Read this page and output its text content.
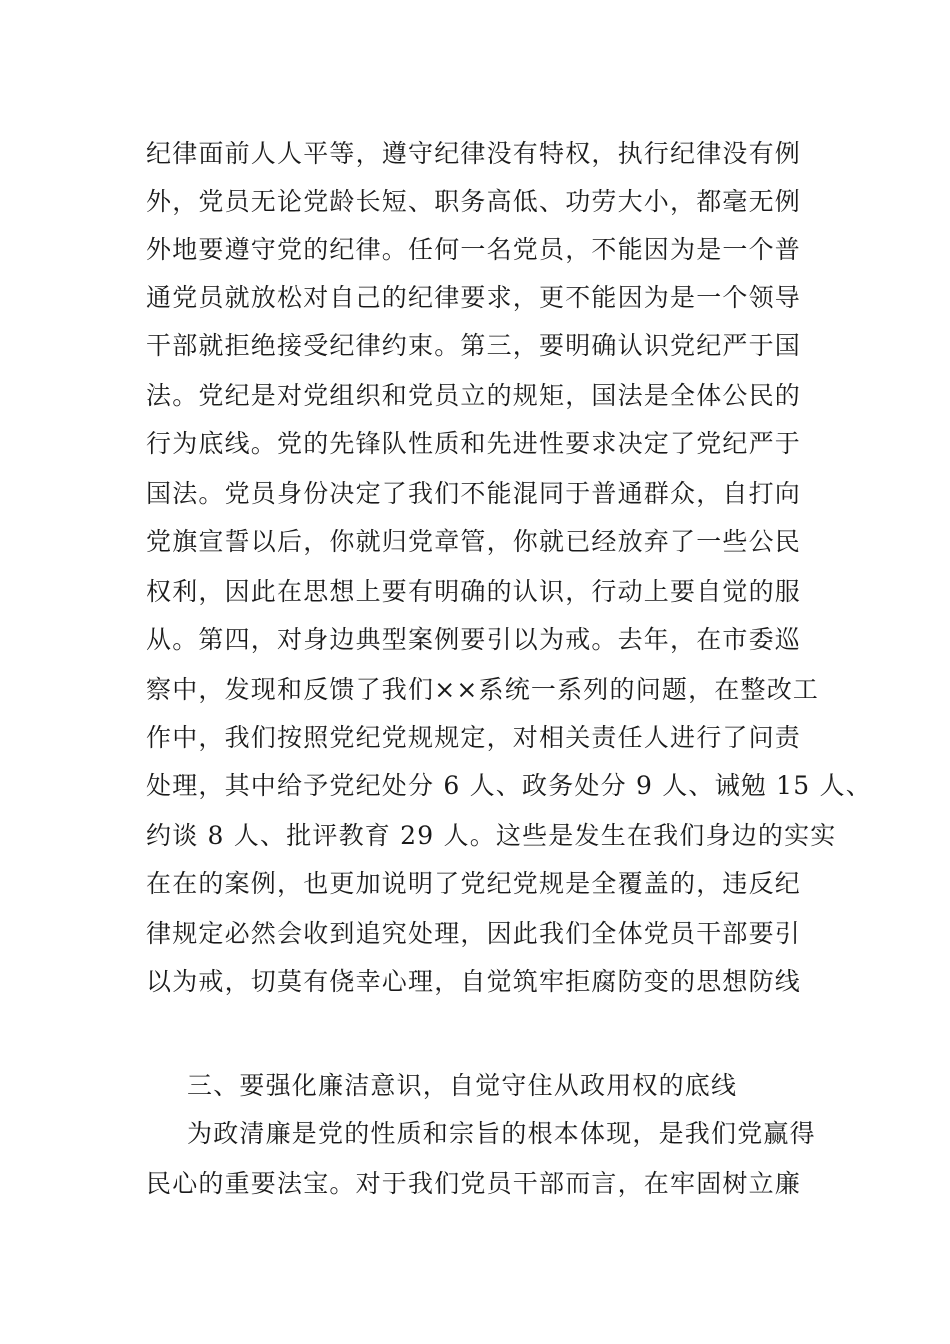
纪律面前人人平等，遵守纪律没有特权，执行纪律没有例
外，党员无论党龄长短、职务高低、功劳大小，都毫无例
外地要遵守党的纪律。任何一名党员，不能因为是一个普
通党员就放松对自己的纪律要求，更不能因为是一个领导
干部就拒绝接受纪律约束。第三，要明确认识党纪严于国
法。党纪是对党组织和党员立的规矩，国法是全体公民的
行为底线。党的先锋队性质和先进性要求决定了党纪严于
国法。党员身份决定了我们不能混同于普通群众，自打向
党旗宣誓以后，你就归党章管，你就已经放弃了一些公民
权利，因此在思想上要有明确的认识，行动上要自觉的服
从。第四，对身边典型案例要引以为戒。去年，在市委巡
察中，发现和反馈了我们××系统一系列的问题，在整改工
作中，我们按照党纪党规规定，对相关责任人进行了问责
处理，其中给予党纪处分 6 人、政务处分 9 人、诫勉 15 人、
约谈 8 人、批评教育 29 人。这些是发生在我们身边的实实
在在的案例，也更加说明了党纪党规是全覆盖的，违反纪
律规定必然会收到追究处理，因此我们全体党员干部要引
以为戒，切莫有侥幸心理，自觉筑牢拒腐防变的思想防线
三、要强化廉洁意识，自觉守住从政用权的底线
为政清廉是党的性质和宗旨的根本体现，是我们党赢得
民心的重要法宝。对于我们党员干部而言，在牢固树立廉
